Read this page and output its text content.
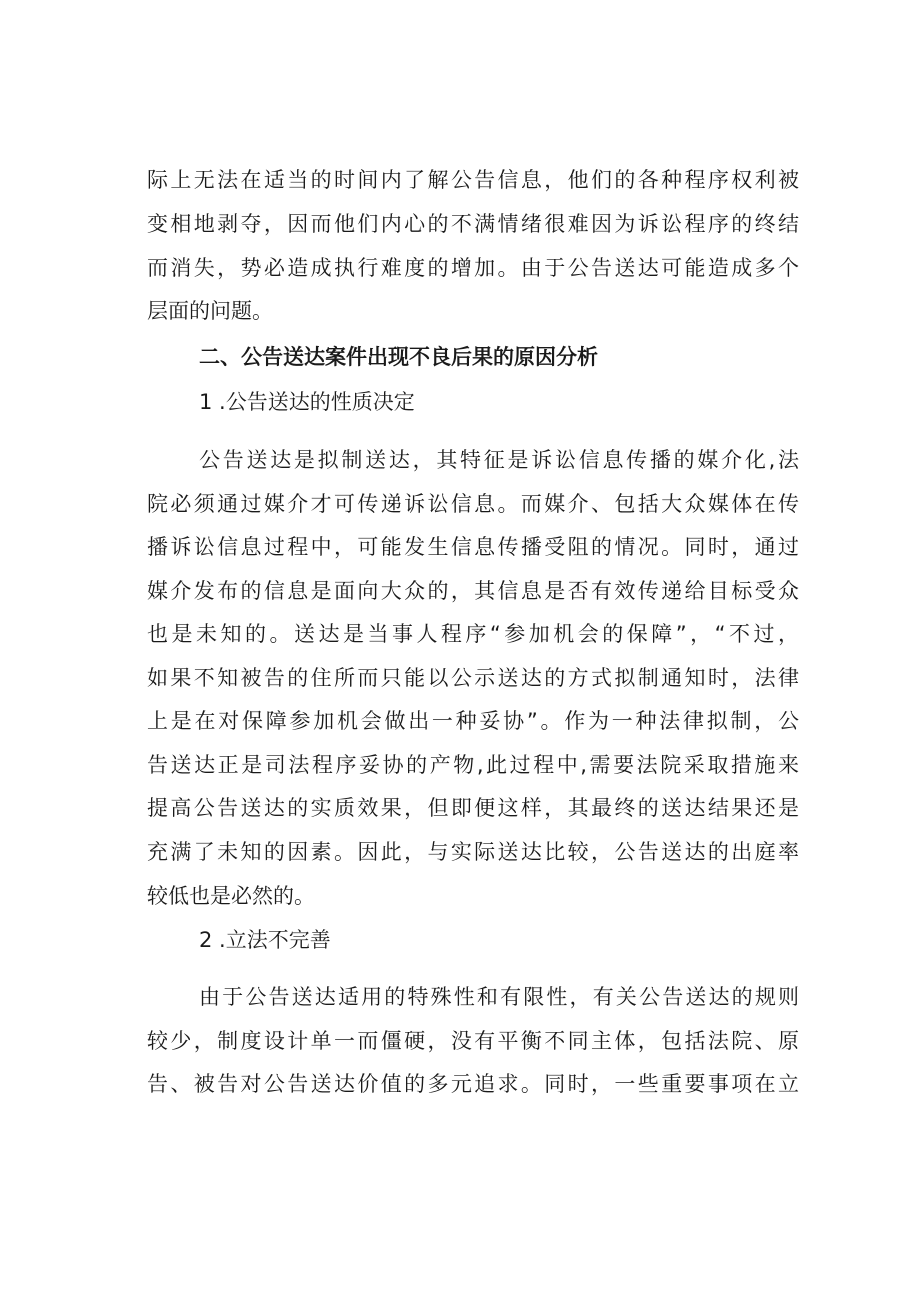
际上无法在适当的时间内了解公告信息，他们的各种程序权利被
变相地剥夺，因而他们内心的不满情绪很难因为诉讼程序的终结
而消失，势必造成执行难度的增加。由于公告送达可能造成多个
层面的问题。
二、公告送达案件出现不良后果的原因分析
1 .公告送达的性质决定
公告送达是拟制送达，其特征是诉讼信息传播的媒介化,法
院必须通过媒介才可传递诉讼信息。而媒介、包括大众媒体在传
播诉讼信息过程中，可能发生信息传播受阻的情况。同时，通过
媒介发布的信息是面向大众的，其信息是否有效传递给目标受众
也是未知的。送达是当事人程序“参加机会的保障”，“不过，
如果不知被告的住所而只能以公示送达的方式拟制通知时，法律
上是在对保障参加机会做出一种妥协”。作为一种法律拟制，公
告送达正是司法程序妥协的产物,此过程中,需要法院采取措施来
提高公告送达的实质效果，但即便这样，其最终的送达结果还是
充满了未知的因素。因此，与实际送达比较，公告送达的出庭率
较低也是必然的。
2 .立法不完善
由于公告送达适用的特殊性和有限性，有关公告送达的规则
较少，制度设计单一而僵硬，没有平衡不同主体，包括法院、原
告、被告对公告送达价值的多元追求。同时，一些重要事项在立
